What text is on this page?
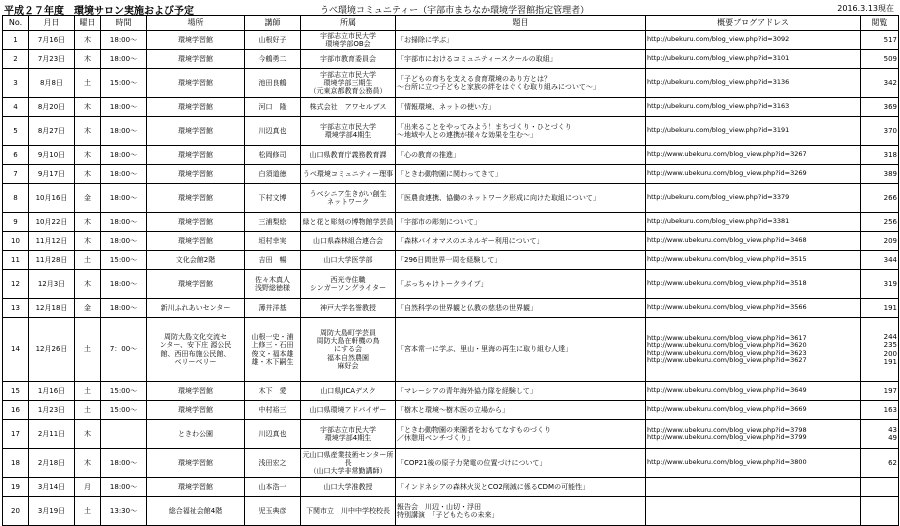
平成２７年度　環境サロン実施および予定	うべ環境コミュニティー（宇部市まちなか環境学習館指定管理者）	2016.3.13現在
No.	月日	曜日	時間	場所	講師	所属	題目	概要ブログアドレス	閲覧
1	7月16日	木	18:00～	環境学習館	山根好子	宇部志立市民大学
環境学部OB会	「お掃除に学ぶ」	http://ubekuru.com/blog_view.php?id=3092	517

2	7月23日	木	18:00～	環境学習館	今鶴勇二	宇部市教育委員会	「宇部市におけるコミュニティースクールの取組」	http://ubekuru.com/blog_view.php?id=3101	509

3	8月8日	土	15:00～	環境学習館	池田良鶴	宇部志立市民大学
環境学部三期生
（元東京都教育公務員）	「子どもの育ちを支える食育環境のあり方とは？
～台所に立つ子どもと家族の絆をはぐくむ取り組みについて～」	http://ubekuru.com/blog_view.php?id=3136	342

4	8月20日	木	18:00～	環境学習館	河口　隆	株式会社　アワセルブス	「情報環境、ネットの使い方」	http://ubekuru.com/blog_view.php?id=3163	369

5	8月27日	木	18:00～	環境学習館	川辺真也	宇部志立市民大学
環境学部4期生	「出来ることをやってみよう！まちづくり・ひとづくり
～地域や人との連携が様々な効果を生む～」	http://ubekuru.com/blog_view.php?id=3191	370

6	9月10日	木	18:00～	環境学習館	松岡修司	山口県教育庁義務教育課	「心の教育の推進」	http://www.ubekuru.com/blog_view.php?id=3267	318

7	9月17日	木	18:00～	環境学習館	白須道徳	うべ環境コミュニティー理事	「ときわ動物園に関わってきて」	http://www.ubekuru.com/blog_view.php?id=3269	389

8	10月16日	金	18:00～	環境学習館	下村文博	うべシニア生きがい創生
ネットワーク	「医農食連携、協働のネットワーク形成に向けた取組について」	http://ubekuru.com/blog_view.php?id=3379	266

9	10月22日	木	18:00～	環境学習館	三浦梨絵	緑と花と彫刻の博物館学芸員	「宇部市の彫刻について」	http://ubekuru.com/blog_view.php?id=3381	256

10	11月12日	木	18:00～	環境学習館	垣村幸実	山口県森林組合連合会	「森林バイオマスのエネルギー利用について」	http://www.ubekuru.com/blog_view.php?id=3468	209

11	11月28日	土	15:00～	文化会館2階	吉田　暢	山口大学医学部	「296日間世界一周を経験して」	http://www.ubekuru.com/blog_view.php?id=3515	344

12	12月3日	木	18:00～	環境学習館	佐々木真人
浅野総徳様	西光寺住職
シンガーソングライター	「ぶっちゃけトークライブ」	http://www.ubekuru.com/blog_view.php?id=3518	319

13	12月18日	金	18:00～	新川ふれあいセンター	薄井洋基	神戸大学名誉教授	「自然科学の世界観と仏教の慈悲の世界観」	http://www.ubekuru.com/blog_view.php?id=3566	191

14	12月26日	土	7：00～	周防大島文化交流セ
ンター、安下庄 源公民
館、西田布施公民館、
ベリーベリー	山根一史・浦
上修三・石田
俊文・福本雄
雄・木下嗣生	周防大島町学芸員
周防大島在軒機の鳥
にする会
福本自然農園
麻好会	「宮本常一に学ぶ、里山・里海の再生に取り組む人達」	http://www.ubekuru.com/blog_view.php?id=3617
http://www.ubekuru.com/blog_view.php?id=3620
http://www.ubekuru.com/blog_view.php?id=3623
http://www.ubekuru.com/blog_view.php?id=3627	244
235
200
191

15	1月16日	土	15:00～	環境学習館	木下　愛	山口県JICAデスク	「マレーシアの青年海外協力隊を経験して」	http://www.ubekuru.com/blog_view.php?id=3649	197

16	1月23日	土	15:00～	環境学習館	中村裕三	山口県環境アドバイザー	「樹木と環境～樹木医の立場から」	http://www.ubekuru.com/blog_view.php?id=3669	163

17	2月11日	木		ときわ公園	川辺真也	宇部志立市民大学
環境学部4期生	「ときわ動物園の来園者をおもてなすものづくり
／休憩用ベンチづくり」	http://www.ubekuru.com/blog_view.php?id=3798
http://www.ubekuru.com/blog_view.php?id=3799	43
49

18	2月18日	木	18:00～	環境学習館	浅田宏之	元山口県産業技術センター所長
（山口大学非常勤講師）	「COP21後の原子力発電の位置づけについて」	http://www.ubekuru.com/blog_view.php?id=3800	62

19	3月14日	月	18:00～	環境学習館	山本浩一	山口大学准教授	「インドネシアの森林火災とCO2削減に係るCDMの可能性」		

20	3月19日	土	13:30～	総合福祉会館4階	児玉典彦	下関市立　川中中学校校長	報告会　川辺・山切・浮田
特別講演　「子どもたちの未来」		
